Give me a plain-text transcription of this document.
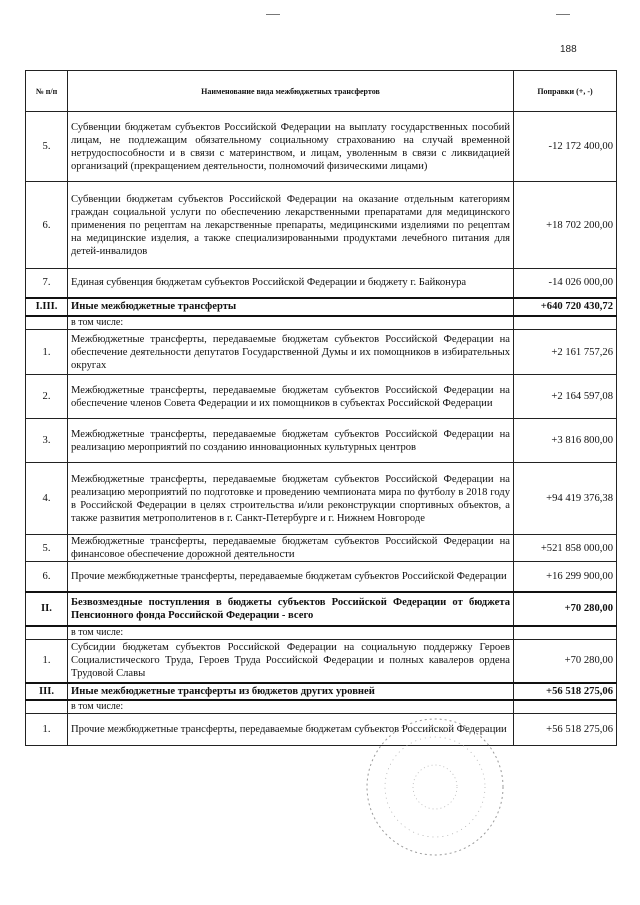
188
№ п/п	Наименование вида межбюджетных трансфертов	Поправки (+, -)
5.	Субвенции бюджетам субъектов Российской Федерации на выплату государственных пособий лицам, не подлежащим обязательному социальному страхованию на случай временной нетрудоспособности и в связи с материнством, и лицам, уволенным в связи с ликвидацией организаций (прекращением деятельности, полномочий физическими лицами)	-12 172 400,00
6.	Субвенции бюджетам субъектов Российской Федерации на оказание отдельным категориям граждан социальной услуги по обеспечению лекарственными препаратами для медицинского применения по рецептам на лекарственные препараты, медицинскими изделиями по рецептам на медицинские изделия, а также специализированными продуктами лечебного питания для детей-инвалидов	+18 702 200,00
7.	Единая субвенция бюджетам субъектов Российской Федерации и бюджету г. Байконура	-14 026 000,00
I.III.	Иные межбюджетные трансферты	+640 720 430,72
	в том числе:	
1.	Межбюджетные трансферты, передаваемые бюджетам субъектов Российской Федерации на обеспечение деятельности депутатов Государственной Думы и их помощников в избирательных округах	+2 161 757,26
2.	Межбюджетные трансферты, передаваемые бюджетам субъектов Российской Федерации на обеспечение членов Совета Федерации и их помощников в субъектах Российской Федерации	+2 164 597,08
3.	Межбюджетные трансферты, передаваемые бюджетам субъектов Российской Федерации на реализацию мероприятий по созданию инновационных культурных центров	+3 816 800,00
4.	Межбюджетные трансферты, передаваемые бюджетам субъектов Российской Федерации на реализацию мероприятий по подготовке и проведению чемпионата мира по футболу в 2018 году в Российской Федерации в целях строительства и/или реконструкции спортивных объектов, а также развития метрополитенов в г. Санкт-Петербурге и г. Нижнем Новгороде	+94 419 376,38
5.	Межбюджетные трансферты, передаваемые бюджетам субъектов Российской Федерации на финансовое обеспечение дорожной деятельности	+521 858 000,00
6.	Прочие межбюджетные трансферты, передаваемые бюджетам субъектов Российской Федерации	+16 299 900,00
II.	Безвозмездные поступления в бюджеты субъектов Российской Федерации от бюджета Пенсионного фонда Российской Федерации - всего	+70 280,00
	в том числе:	
1.	Субсидии бюджетам субъектов Российской Федерации на социальную поддержку Героев Социалистического Труда, Героев Труда Российской Федерации и полных кавалеров ордена Трудовой Славы	+70 280,00
III.	Иные межбюджетные трансферты из бюджетов других уровней	+56 518 275,06
	в том числе:	
1.	Прочие межбюджетные трансферты, передаваемые бюджетам субъектов Российской Федерации	+56 518 275,06
